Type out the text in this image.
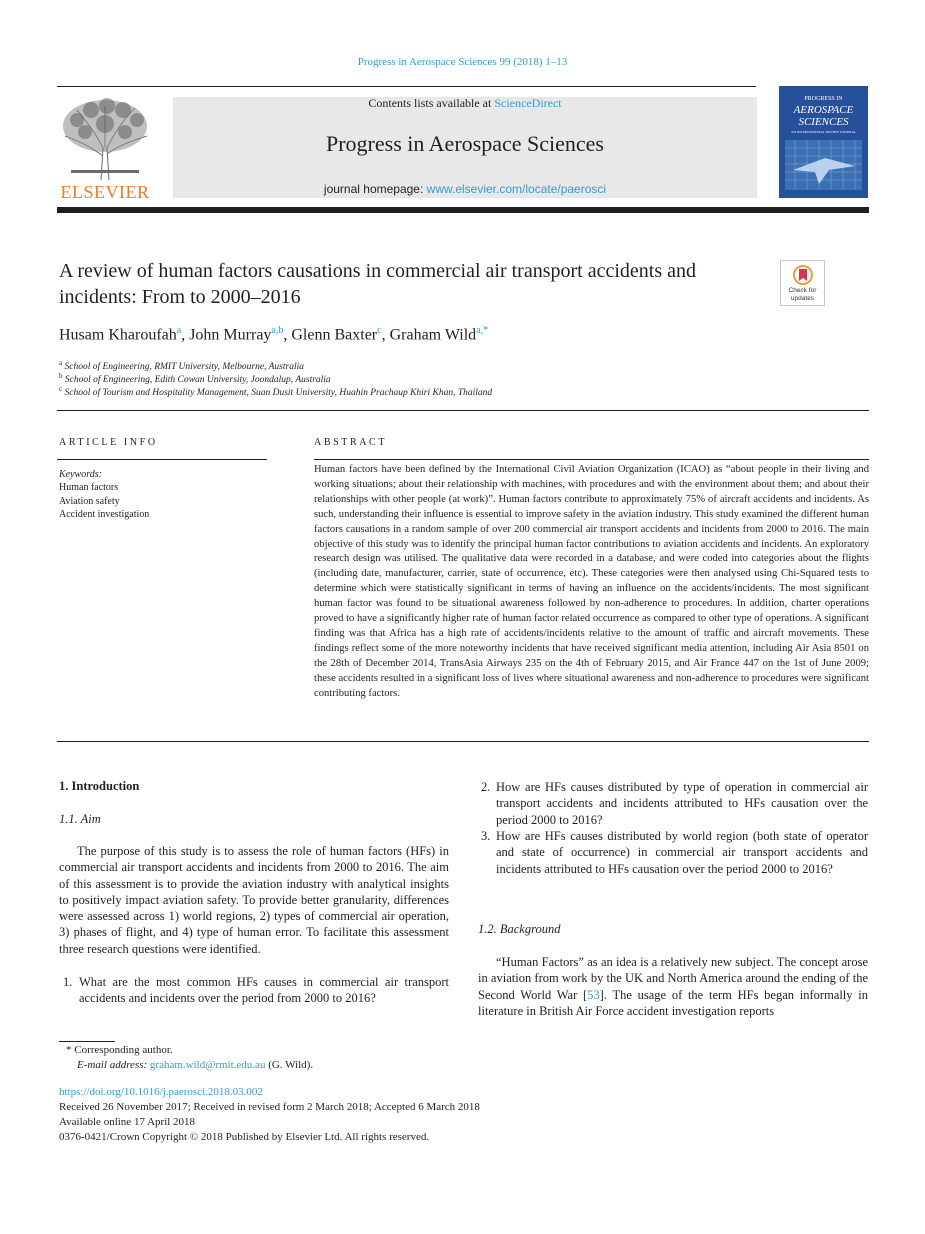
Progress in Aerospace Sciences 99 (2018) 1–13
ELSEVIER
Contents lists available at ScienceDirect
Progress in Aerospace Sciences
journal homepage: www.elsevier.com/locate/paerosci
PROGRESS IN
AEROSPACE
SCIENCES
AN INTERNATIONAL REVIEW JOURNAL
A review of human factors causations in commercial air transport accidents and incidents: From to 2000–2016	Check for updates
Husam Kharoufah$^a$, John Murray$^{a,b}$, Glenn Baxter$^c$, Graham Wild$^{a,*}$
$^a$ School of Engineering, RMIT University, Melbourne, Australia
$^b$ School of Engineering, Edith Cowan University, Joondalup, Australia
$^c$ School of Tourism and Hospitality Management, Suan Dusit University, Huahin Prachaup Khiri Khan, Thailand
ARTICLE INFO
Keywords:
Human factors
Aviation safety
Accident investigation
ABSTRACT
Human factors have been defined by the International Civil Aviation Organization (ICAO) as “about people in their living and working situations; about their relationship with machines, with procedures and with the environment about them; and about their relationships with other people (at work)”. Human factors contribute to approximately 75% of aircraft accidents and incidents. As such, understanding their influence is essential to improve safety in the aviation industry. This study examined the different human factors causations in a random sample of over 200 commercial air transport accidents and incidents from 2000 to 2016. The main objective of this study was to identify the principal human factor contributions to aviation accidents and incidents. An exploratory research design was utilised. The qualitative data were recorded in a database, and were coded into categories about the flights (including date, manufacturer, carrier, state of occurrence, etc). These categories were then analysed using Chi-Squared tests to determine which were statistically significant in terms of having an influence on the accidents/incidents. The most significant human factor was found to be situational awareness followed by non-adherence to procedures. In addition, charter operations proved to have a significantly higher rate of human factor related occurrence as compared to other type of operations. A significant finding was that Africa has a high rate of accidents/incidents relative to the amount of traffic and aircraft movements. These findings reflect some of the more noteworthy incidents that have received significant media attention, including Air Asia 8501 on the 28th of December 2014, TransAsia Airways 235 on the 4th of February 2015, and Air France 447 on the 1st of June 2009; these accidents resulted in a significant loss of lives where situational awareness and non-adherence to procedures were significant contributing factors.
1. Introduction
1.1. Aim
The purpose of this study is to assess the role of human factors (HFs) in commercial air transport accidents and incidents from 2000 to 2016. The aim of this assessment is to provide the aviation industry with analytical insights to positively impact aviation safety. To provide better granularity, differences were assessed across 1) world regions, 2) types of commercial air operation, 3) phases of flight, and 4) type of human error. To facilitate this assessment three research questions were identified.
1. What are the most common HFs causes in commercial air transport accidents and incidents over the period from 2000 to 2016?
2. How are HFs causes distributed by type of operation in commercial air transport accidents and incidents attributed to HFs causation over the period 2000 to 2016?
3. How are HFs causes distributed by world region (both state of operator and state of occurrence) in commercial air transport accidents and incidents attributed to HFs causation over the period 2000 to 2016?
1.2. Background
“Human Factors” as an idea is a relatively new subject. The concept arose in aviation from work by the UK and North America around the ending of the Second World War [53]. The usage of the term HFs began informally in literature in British Air Force accident investigation reports
* Corresponding author.
E-mail address: graham.wild@rmit.edu.au (G. Wild).
https://doi.org/10.1016/j.paerosci.2018.03.002
Received 26 November 2017; Received in revised form 2 March 2018; Accepted 6 March 2018
Available online 17 April 2018
0376-0421/Crown Copyright © 2018 Published by Elsevier Ltd. All rights reserved.
